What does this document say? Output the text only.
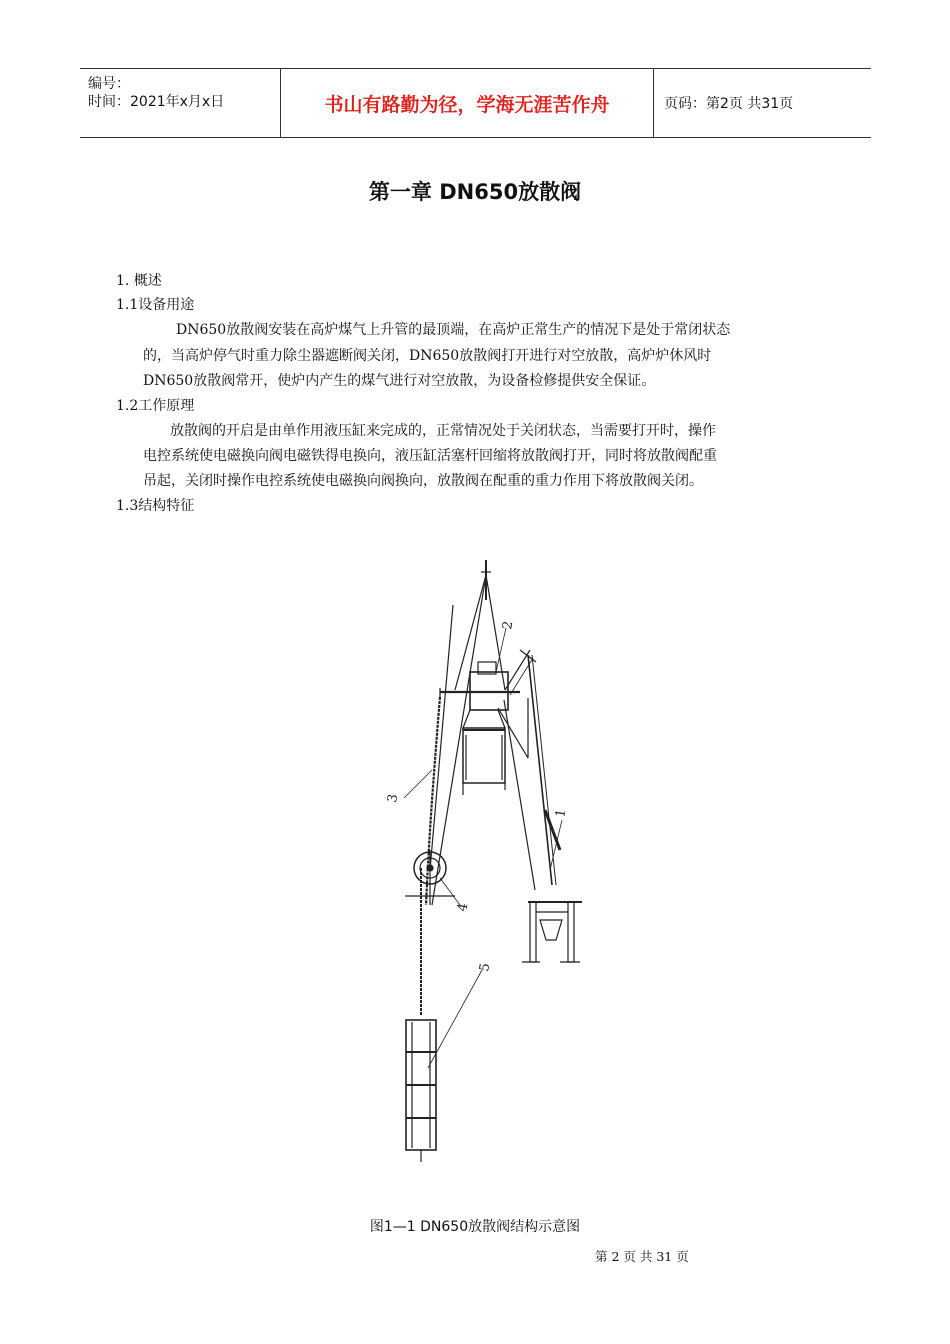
编号：
时间：2021年x月x日	书山有路勤为径，学海无涯苦作舟	页码：第2页 共31页
第一章 DN650放散阀
1. 概述
1.1设备用途
DN650放散阀安装在高炉煤气上升管的最顶端，在高炉正常生产的情况下是处于常闭状态
的，当高炉停气时重力除尘器遮断阀关闭，DN650放散阀打开进行对空放散，高炉炉休风时
DN650放散阀常开，使炉内产生的煤气进行对空放散，为设备检修提供安全保证。
1.2工作原理
放散阀的开启是由单作用液压缸来完成的，正常情况处于关闭状态，当需要打开时，操作
电控系统使电磁换向阀电磁铁得电换向，液压缸活塞杆回缩将放散阀打开，同时将放散阀配重
吊起，关闭时操作电控系统使电磁换向阀换向，放散阀在配重的重力作用下将放散阀关闭。
1.3结构特征
1
2
3
4
5
图1—1 DN650放散阀结构示意图
第 2 页 共 31 页
